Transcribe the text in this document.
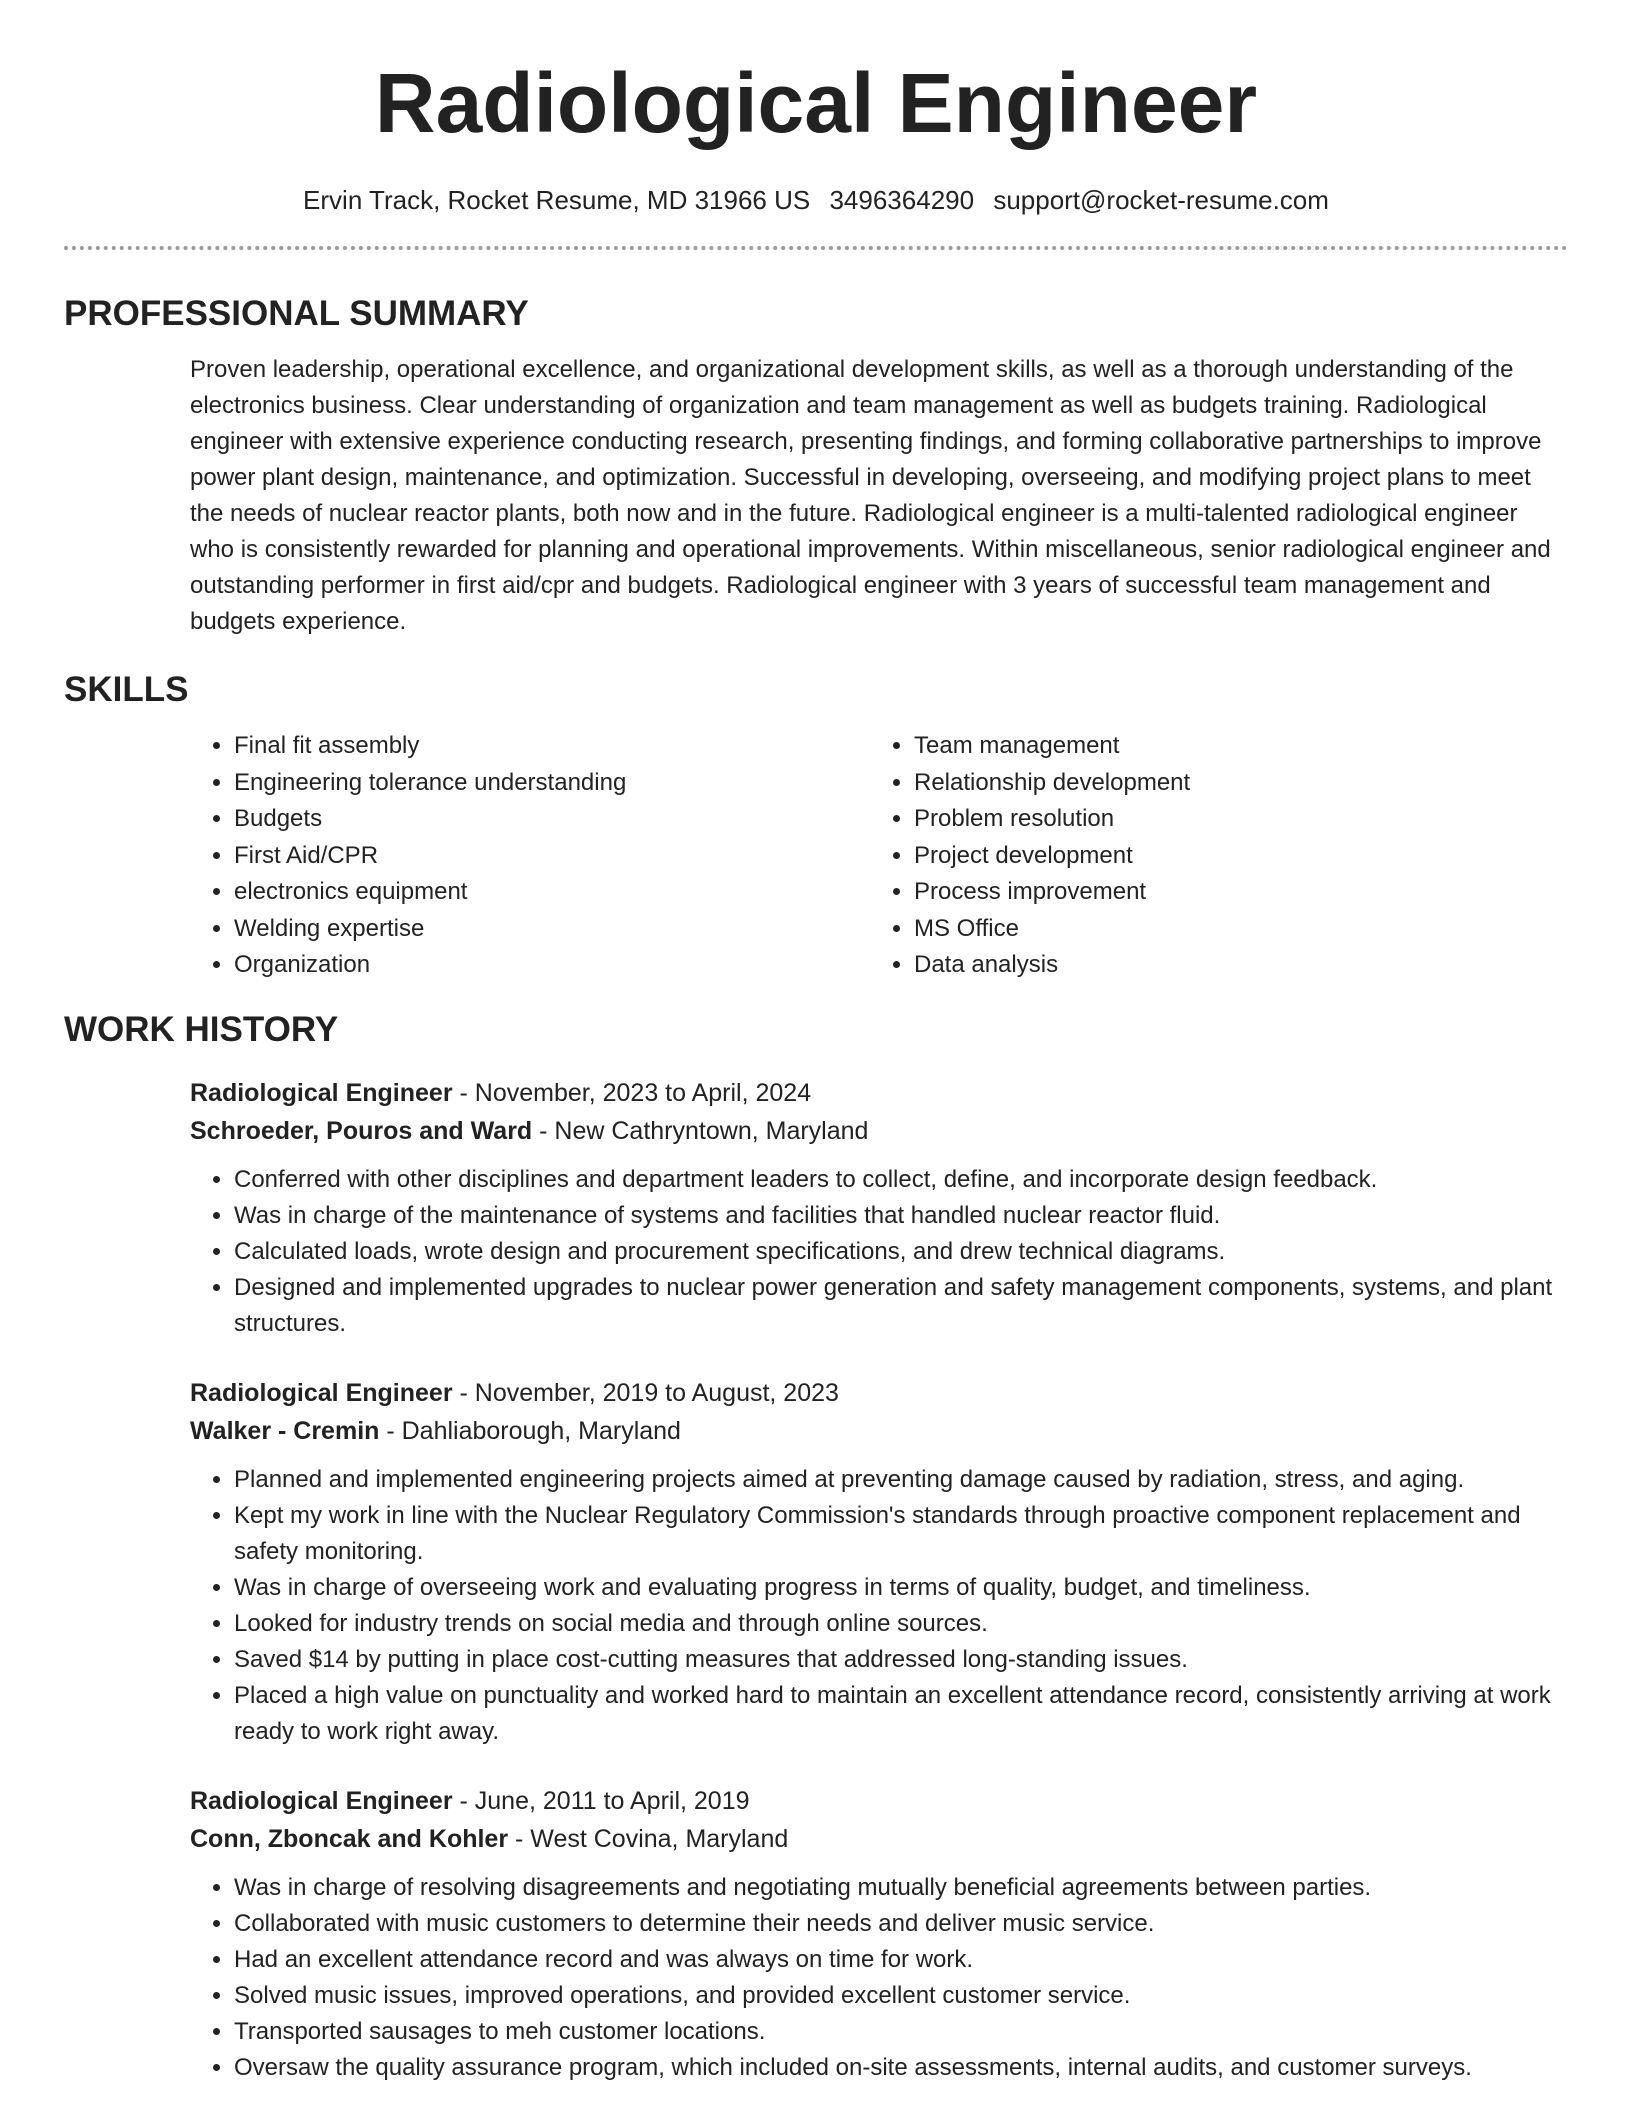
Radiological Engineer
Ervin Track, Rocket Resume, MD 31966 US 3496364290 support@rocket-resume.com
PROFESSIONAL SUMMARY

Proven leadership, operational excellence, and organizational development skills, as well as a thorough understanding of the electronics business. Clear understanding of organization and team management as well as budgets training. Radiological engineer with extensive experience conducting research, presenting findings, and forming collaborative partnerships to improve power plant design, maintenance, and optimization. Successful in developing, overseeing, and modifying project plans to meet the needs of nuclear reactor plants, both now and in the future. Radiological engineer is a multi-talented radiological engineer who is consistently rewarded for planning and operational improvements. Within miscellaneous, senior radiological engineer and outstanding performer in first aid/cpr and budgets. Radiological engineer with 3 years of successful team management and budgets experience.

SKILLS
• Final fit assembly
• Engineering tolerance understanding
• Budgets
• First Aid/CPR
• electronics equipment
• Welding expertise
• Organization
• Team management
• Relationship development
• Problem resolution
• Project development
• Process improvement
• MS Office
• Data analysis
WORK HISTORY
Radiological Engineer - November, 2023 to April, 2024
Schroeder, Pouros and Ward - New Cathryntown, Maryland
• Conferred with other disciplines and department leaders to collect, define, and incorporate design feedback.
• Was in charge of the maintenance of systems and facilities that handled nuclear reactor fluid.
• Calculated loads, wrote design and procurement specifications, and drew technical diagrams.
• Designed and implemented upgrades to nuclear power generation and safety management components, systems, and plant structures.
Radiological Engineer - November, 2019 to August, 2023
Walker - Cremin - Dahliaborough, Maryland
• Planned and implemented engineering projects aimed at preventing damage caused by radiation, stress, and aging.
• Kept my work in line with the Nuclear Regulatory Commission's standards through proactive component replacement and safety monitoring.
• Was in charge of overseeing work and evaluating progress in terms of quality, budget, and timeliness.
• Looked for industry trends on social media and through online sources.
• Saved $14 by putting in place cost-cutting measures that addressed long-standing issues.
• Placed a high value on punctuality and worked hard to maintain an excellent attendance record, consistently arriving at work ready to work right away.
Radiological Engineer - June, 2011 to April, 2019
Conn, Zboncak and Kohler - West Covina, Maryland
• Was in charge of resolving disagreements and negotiating mutually beneficial agreements between parties.
• Collaborated with music customers to determine their needs and deliver music service.
• Had an excellent attendance record and was always on time for work.
• Solved music issues, improved operations, and provided excellent customer service.
• Transported sausages to meh customer locations.
• Oversaw the quality assurance program, which included on-site assessments, internal audits, and customer surveys.
